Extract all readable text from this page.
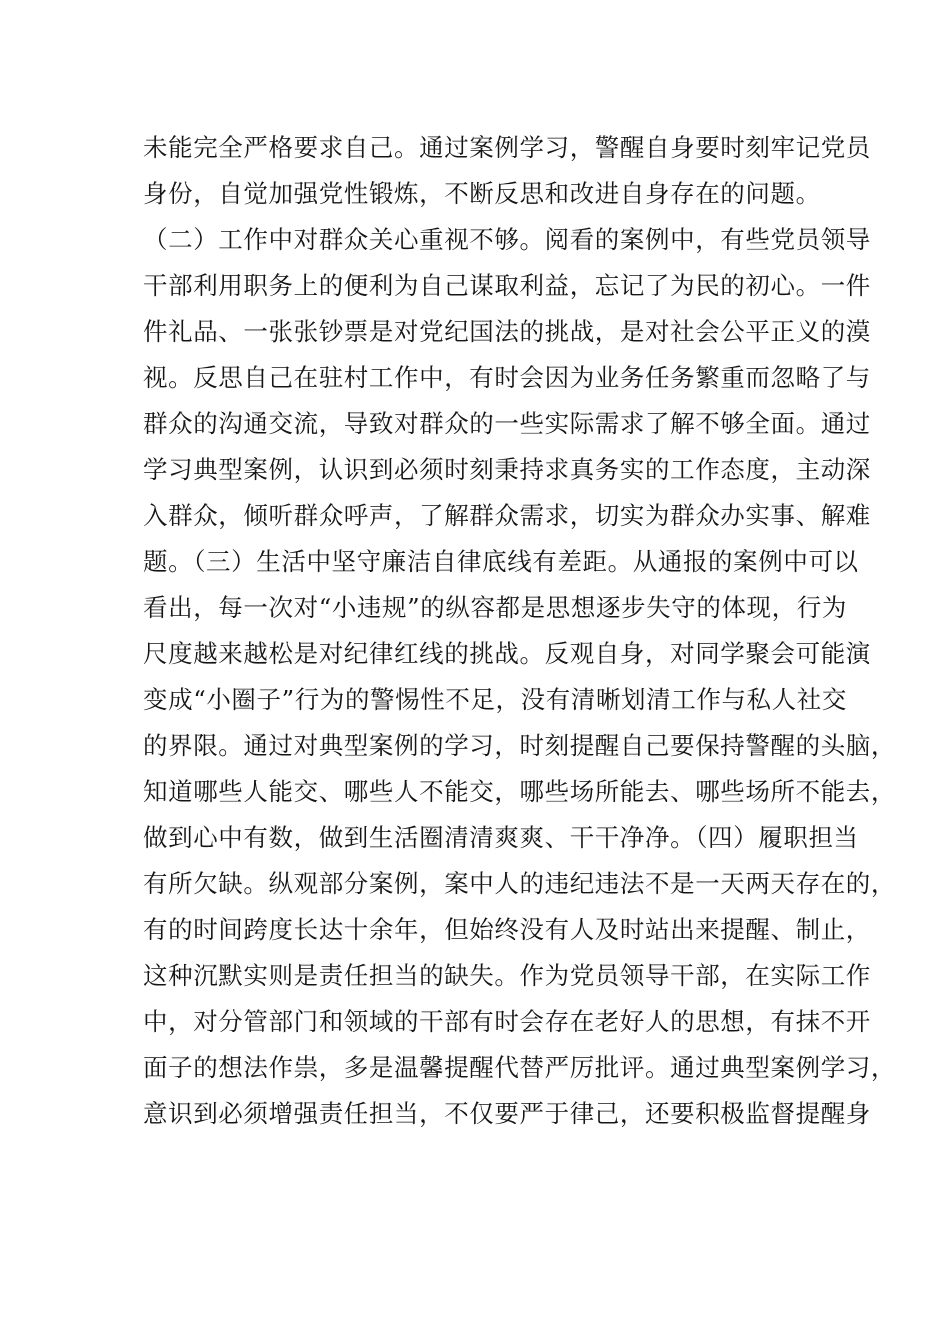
未能完全严格要求自己。通过案例学习，警醒自身要时刻牢记党员
身份，自觉加强党性锻炼，不断反思和改进自身存在的问题。
（二）工作中对群众关心重视不够。阅看的案例中，有些党员领导
干部利用职务上的便利为自己谋取利益，忘记了为民的初心。一件
件礼品、一张张钞票是对党纪国法的挑战，是对社会公平正义的漠
视。反思自己在驻村工作中，有时会因为业务任务繁重而忽略了与
群众的沟通交流，导致对群众的一些实际需求了解不够全面。通过
学习典型案例，认识到必须时刻秉持求真务实的工作态度，主动深
入群众，倾听群众呼声，了解群众需求，切实为群众办实事、解难
题。（三）生活中坚守廉洁自律底线有差距。从通报的案例中可以
看出，每一次对“小违规”的纵容都是思想逐步失守的体现，行为
尺度越来越松是对纪律红线的挑战。反观自身，对同学聚会可能演
变成“小圈子”行为的警惕性不足，没有清晰划清工作与私人社交
的界限。通过对典型案例的学习，时刻提醒自己要保持警醒的头脑，
知道哪些人能交、哪些人不能交，哪些场所能去、哪些场所不能去，
做到心中有数，做到生活圈清清爽爽、干干净净。（四）履职担当
有所欠缺。纵观部分案例，案中人的违纪违法不是一天两天存在的，
有的时间跨度长达十余年，但始终没有人及时站出来提醒、制止，
这种沉默实则是责任担当的缺失。作为党员领导干部，在实际工作
中，对分管部门和领域的干部有时会存在老好人的思想，有抹不开
面子的想法作祟，多是温馨提醒代替严厉批评。通过典型案例学习，
意识到必须增强责任担当，不仅要严于律己，还要积极监督提醒身
